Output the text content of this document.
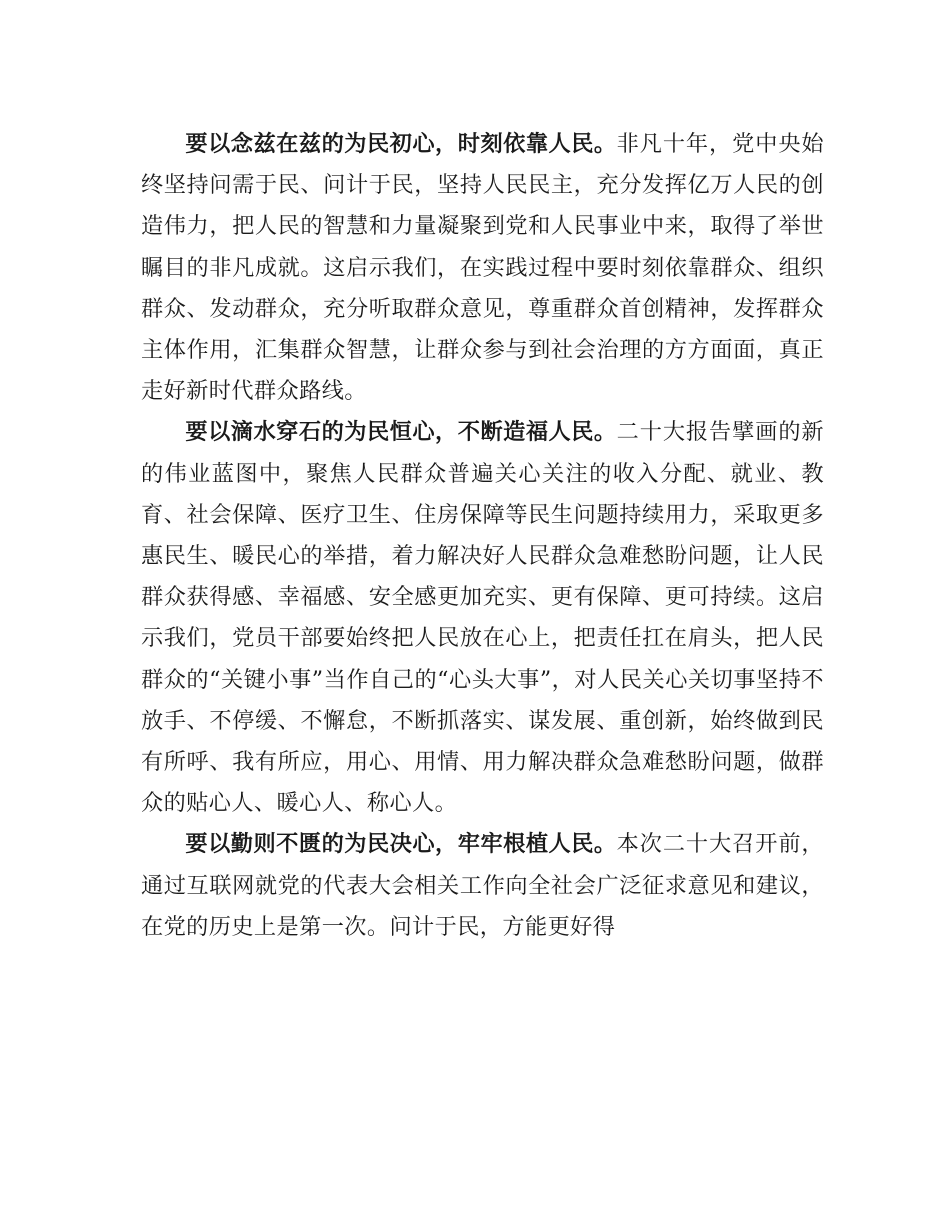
要以念兹在兹的为民初心，时刻依靠人民。非凡十年，党中央始终坚持问需于民、问计于民，坚持人民民主，充分发挥亿万人民的创造伟力，把人民的智慧和力量凝聚到党和人民事业中来，取得了举世瞩目的非凡成就。这启示我们，在实践过程中要时刻依靠群众、组织群众、发动群众，充分听取群众意见，尊重群众首创精神，发挥群众主体作用，汇集群众智慧，让群众参与到社会治理的方方面面，真正走好新时代群众路线。

要以滴水穿石的为民恒心，不断造福人民。二十大报告擘画的新的伟业蓝图中，聚焦人民群众普遍关心关注的收入分配、就业、教育、社会保障、医疗卫生、住房保障等民生问题持续用力，采取更多惠民生、暖民心的举措，着力解决好人民群众急难愁盼问题，让人民群众获得感、幸福感、安全感更加充实、更有保障、更可持续。这启示我们，党员干部要始终把人民放在心上，把责任扛在肩头，把人民群众的“关键小事”当作自己的“心头大事”，对人民关心关切事坚持不放手、不停缓、不懈怠，不断抓落实、谋发展、重创新，始终做到民有所呼、我有所应，用心、用情、用力解决群众急难愁盼问题，做群众的贴心人、暖心人、称心人。

要以勤则不匮的为民决心，牢牢根植人民。本次二十大召开前，通过互联网就党的代表大会相关工作向全社会广泛征求意见和建议，在党的历史上是第一次。问计于民，方能更好得
